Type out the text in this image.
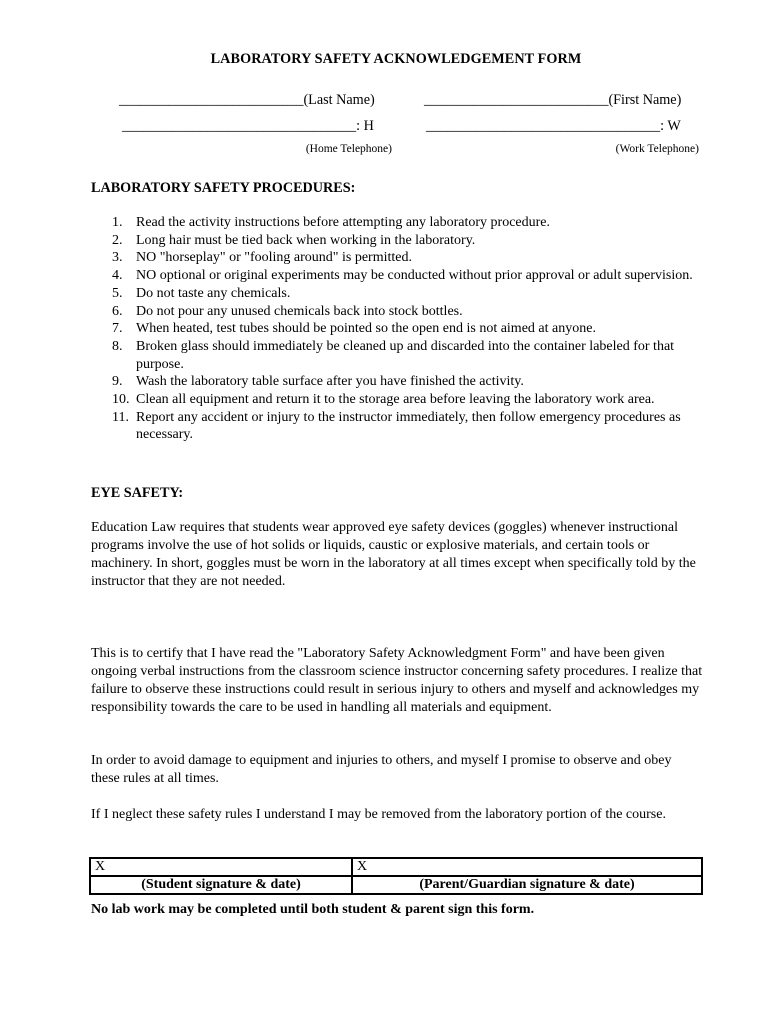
LABORATORY SAFETY ACKNOWLEDGEMENT FORM
__________________________(Last Name)	__________________________(First Name)
_________________________________: H	_________________________________: W
(Home Telephone)	(Work Telephone)
LABORATORY SAFETY PROCEDURES:
1. Read the activity instructions before attempting any laboratory procedure.
2. Long hair must be tied back when working in the laboratory.
3. NO "horseplay" or "fooling around" is permitted.
4. NO optional or original experiments may be conducted without prior approval or adult supervision.
5. Do not taste any chemicals.
6. Do not pour any unused chemicals back into stock bottles.
7. When heated, test tubes should be pointed so the open end is not aimed at anyone.
8. Broken glass should immediately be cleaned up and discarded into the container labeled for that purpose.
9. Wash the laboratory table surface after you have finished the activity.
10. Clean all equipment and return it to the storage area before leaving the laboratory work area.
11. Report any accident or injury to the instructor immediately, then follow emergency procedures as necessary.
EYE SAFETY:

Education Law requires that students wear approved eye safety devices (goggles) whenever instructional programs involve the use of hot solids or liquids, caustic or explosive materials, and certain tools or machinery. In short, goggles must be worn in the laboratory at all times except when specifically told by the instructor that they are not needed.

This is to certify that I have read the "Laboratory Safety Acknowledgment Form" and have been given ongoing verbal instructions from the classroom science instructor concerning safety procedures. I realize that failure to observe these instructions could result in serious injury to others and myself and acknowledges my responsibility towards the care to be used in handling all materials and equipment.

In order to avoid damage to equipment and injuries to others, and myself I promise to observe and obey these rules at all times.

If I neglect these safety rules I understand I may be removed from the laboratory portion of the course.

X	X
(Student signature & date)	(Parent/Guardian signature & date)
No lab work may be completed until both student & parent sign this form.
